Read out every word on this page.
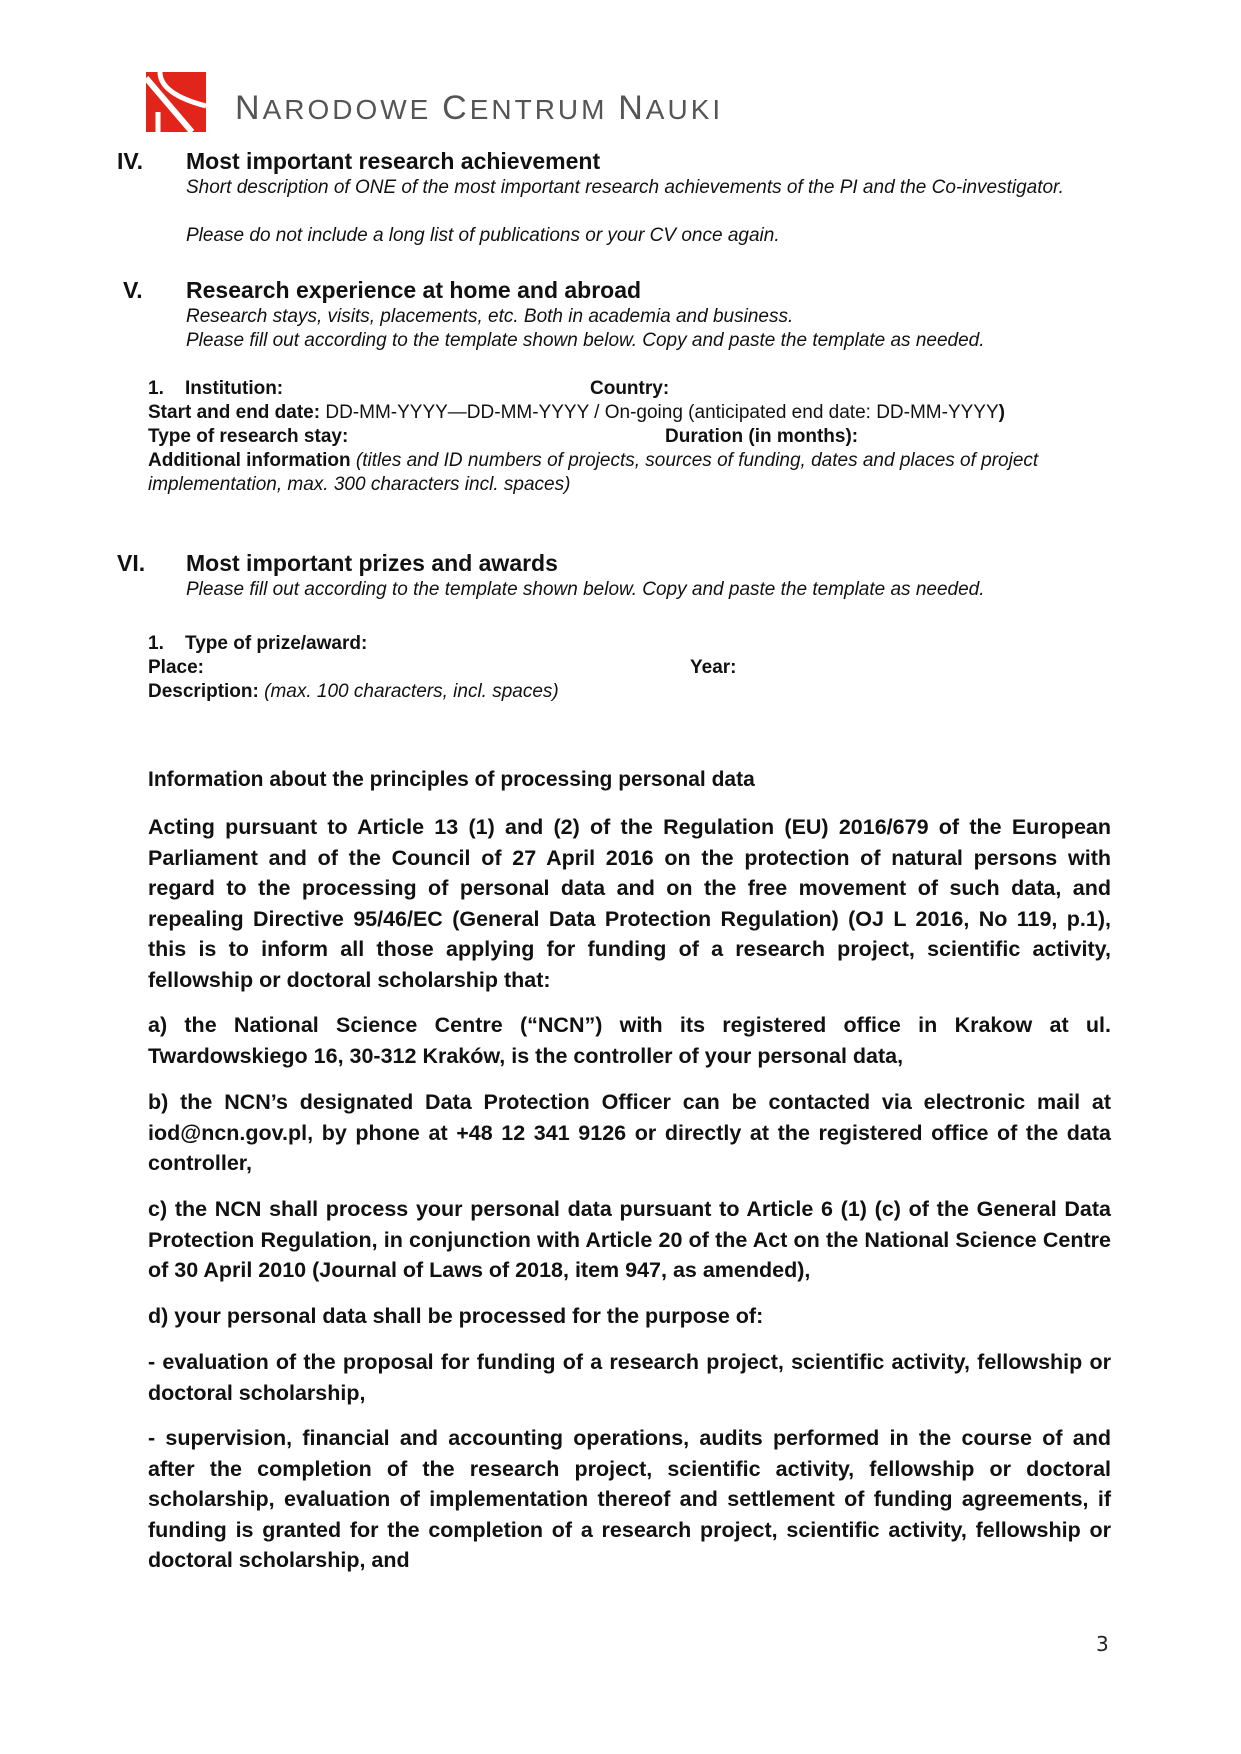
NARODOWE CENTRUM NAUKI
IV. Most important research achievement
Short description of ONE of the most important research achievements of the PI and the Co-investigator.
Please do not include a long list of publications or your CV once again.
V. Research experience at home and abroad
Research stays, visits, placements, etc. Both in academia and business.
Please fill out according to the template shown below. Copy and paste the template as needed.
1. Institution:	Country:
Start and end date: DD-MM-YYYY—DD-MM-YYYY / On-going (anticipated end date: DD-MM-YYYY)
Type of research stay:	Duration (in months):
Additional information (titles and ID numbers of projects, sources of funding, dates and places of project implementation, max. 300 characters incl. spaces)
VI. Most important prizes and awards
Please fill out according to the template shown below. Copy and paste the template as needed.
1. Type of prize/award:
Place:	Year:
Description: (max. 100 characters, incl. spaces)
Information about the principles of processing personal data
Acting pursuant to Article 13 (1) and (2) of the Regulation (EU) 2016/679 of the European Parliament and of the Council of 27 April 2016 on the protection of natural persons with regard to the processing of personal data and on the free movement of such data, and repealing Directive 95/46/EC (General Data Protection Regulation) (OJ L 2016, No 119, p.1), this is to inform all those applying for funding of a research project, scientific activity, fellowship or doctoral scholarship that:
a) the National Science Centre (“NCN”) with its registered office in Krakow at ul. Twardowskiego 16, 30-312 Kraków, is the controller of your personal data,
b) the NCN’s designated Data Protection Officer can be contacted via electronic mail at iod@ncn.gov.pl, by phone at +48 12 341 9126 or directly at the registered office of the data controller,
c) the NCN shall process your personal data pursuant to Article 6 (1) (c) of the General Data Protection Regulation, in conjunction with Article 20 of the Act on the National Science Centre of 30 April 2010 (Journal of Laws of 2018, item 947, as amended),
d) your personal data shall be processed for the purpose of:
- evaluation of the proposal for funding of a research project, scientific activity, fellowship or doctoral scholarship,
- supervision, financial and accounting operations, audits performed in the course of and after the completion of the research project, scientific activity, fellowship or doctoral scholarship, evaluation of implementation thereof and settlement of funding agreements, if funding is granted for the completion of a research project, scientific activity, fellowship or doctoral scholarship, and
3
